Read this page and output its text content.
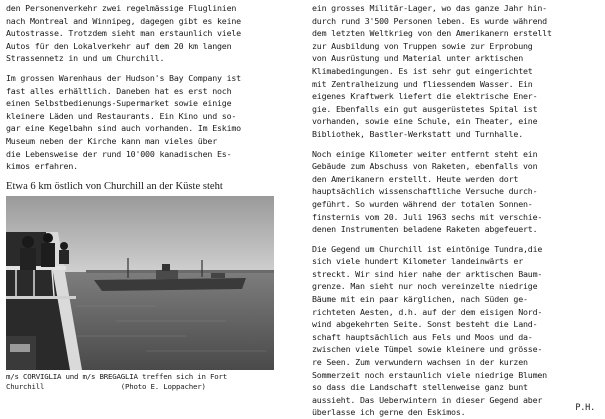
den Personenverkehr zwei regelmässige Fluglinien

nach Montreal and Winnipeg, dagegen gibt es keine

Autostrasse. Trotzdem sieht man erstaunlich viele

Autos für den Lokalverkehr auf dem 20 km langen

Strassennetz in und um Churchill.

Im grossen Warenhaus der Hudson's Bay Company ist

fast alles erhältlich. Daneben hat es erst noch

einen Selbstbedienungs-Supermarket sowie einige

kleinere Läden und Restaurants. Ein Kino und so-

gar eine Kegelbahn sind auch vorhanden. Im Eskimo

Museum neben der Kirche kann man vieles über

die Lebensweise der rund 10'000 kanadischen Es-

kimos erfahren.

Etwa 6 km östlich von Churchill an der Küste steht

m/s CORVIGLIA und m/s BREGAGLIA treffen sich in Fort

Churchill                  (Photo E. Loppacher)

ein grosses Militär-Lager, wo das ganze Jahr hin-

durch rund 3'500 Personen leben. Es wurde während

dem letzten Weltkrieg von den Amerikanern erstellt

zur Ausbildung von Truppen sowie zur Erprobung

von Ausrüstung und Material unter arktischen

Klimabedingungen. Es ist sehr gut eingerichtet

mit Zentralheizung und fliessendem Wasser. Ein

eigenes Kraftwerk liefert die elektrische Ener-

gie. Ebenfalls ein gut ausgerüstetes Spital ist

vorhanden, sowie eine Schule, ein Theater, eine

Bibliothek, Bastler-Werkstatt und Turnhalle.

Noch einige Kilometer weiter entfernt steht ein

Gebäude zum Abschuss von Raketen, ebenfalls von

den Amerikanern erstellt. Heute werden dort

hauptsächlich wissenschaftliche Versuche durch-

geführt. So wurden während der totalen Sonnen-

finsternis vom 20. Juli 1963 sechs mit verschie-

denen Instrumenten beladene Raketen abgefeuert.

Die Gegend um Churchill ist eintönige Tundra,die

sich viele hundert Kilometer landeinwärts er

streckt. Wir sind hier nahe der arktischen Baum-

grenze. Man sieht nur noch vereinzelte niedrige

Bäume mit ein paar kärglichen, nach Süden ge-

richteten Aesten, d.h. auf der dem eisigen Nord-

wind abgekehrten Seite. Sonst besteht die Land-

schaft hauptsächlich aus Fels und Moos und da-

zwischen viele Tümpel sowie kleinere und grösse-

re Seen. Zum verwundern wachsen in der kurzen

Sommerzeit noch erstaunlich viele niedrige Blumen

so dass die Landschaft stellenweise ganz bunt

aussieht. Das Ueberwintern in dieser Gegend aber

überlasse ich gerne den Eskimos.	P.H.
